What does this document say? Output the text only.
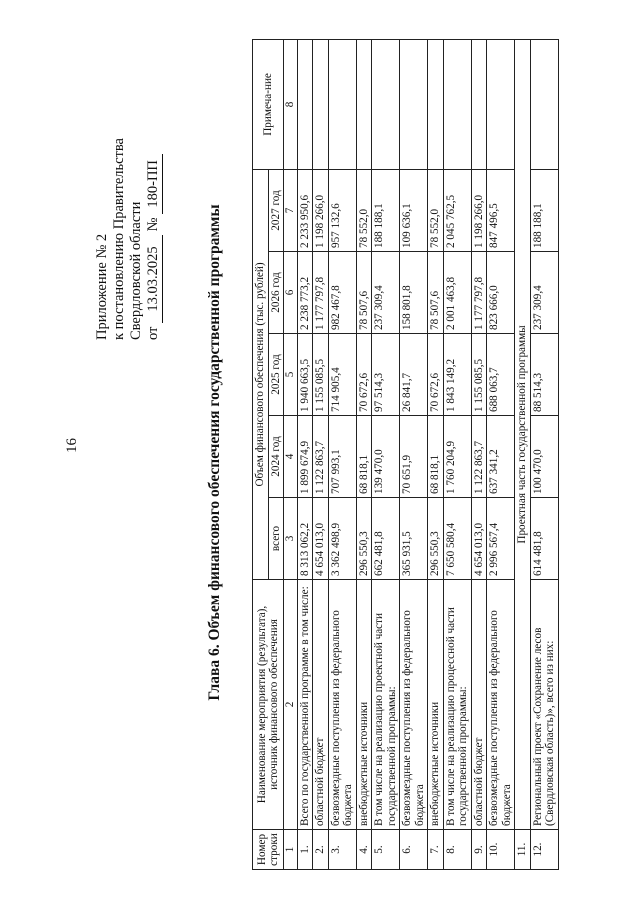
16
Приложение № 2 к постановлению Правительства Свердловской области от 13.03.2025 № 180-ПП
Глава 6. Объем финансового обеспечения государственной программы
Номер строки	Наименование мероприятия (результата), источник финансового обеспечения	Объем финансового обеспечения (тыс. рублей)					Примеча-ние
		всего	2024 год	2025 год	2026 год	2027 год	
1	2	3	4	5	6	7	8
1.	Всего по государственной программе в том числе:	8 313 062,2	1 899 674,9	1 940 663,5	2 238 773,2	2 233 950,6	
2.	областной бюджет	4 654 013,0	1 122 863,7	1 155 085,5	1 177 797,8	1 198 266,0	
3.	безвозмездные поступления из федерального бюджета	3 362 498,9	707 993,1	714 905,4	982 467,8	957 132,6	
4.	внебюджетные источники	296 550,3	68 818,1	70 672,6	78 507,6	78 552,0	
5.	В том числе на реализацию проектной части государственной программы:	662 481,8	139 470,0	97 514,3	237 309,4	188 188,1	
6.	безвозмездные поступления из федерального бюджета	365 931,5	70 651,9	26 841,7	158 801,8	109 636,1	
7.	внебюджетные источники	296 550,3	68 818,1	70 672,6	78 507,6	78 552,0	
8.	В том числе на реализацию процессной части государственной программы:	7 650 580,4	1 760 204,9	1 843 149,2	2 001 463,8	2 045 762,5	
9.	областной бюджет	4 654 013,0	1 122 863,7	1 155 085,5	1 177 797,8	1 198 266,0	
10.	безвозмездные поступления из федерального бюджета	2 996 567,4	637 341,2	688 063,7	823 666,0	847 496,5	
11.	Проектная часть государственной программы						
12.	Региональный проект «Сохранение лесов (Свердловская область)», всего из них:	614 481,8	100 470,0	88 514,3	237 309,4	188 188,1	
